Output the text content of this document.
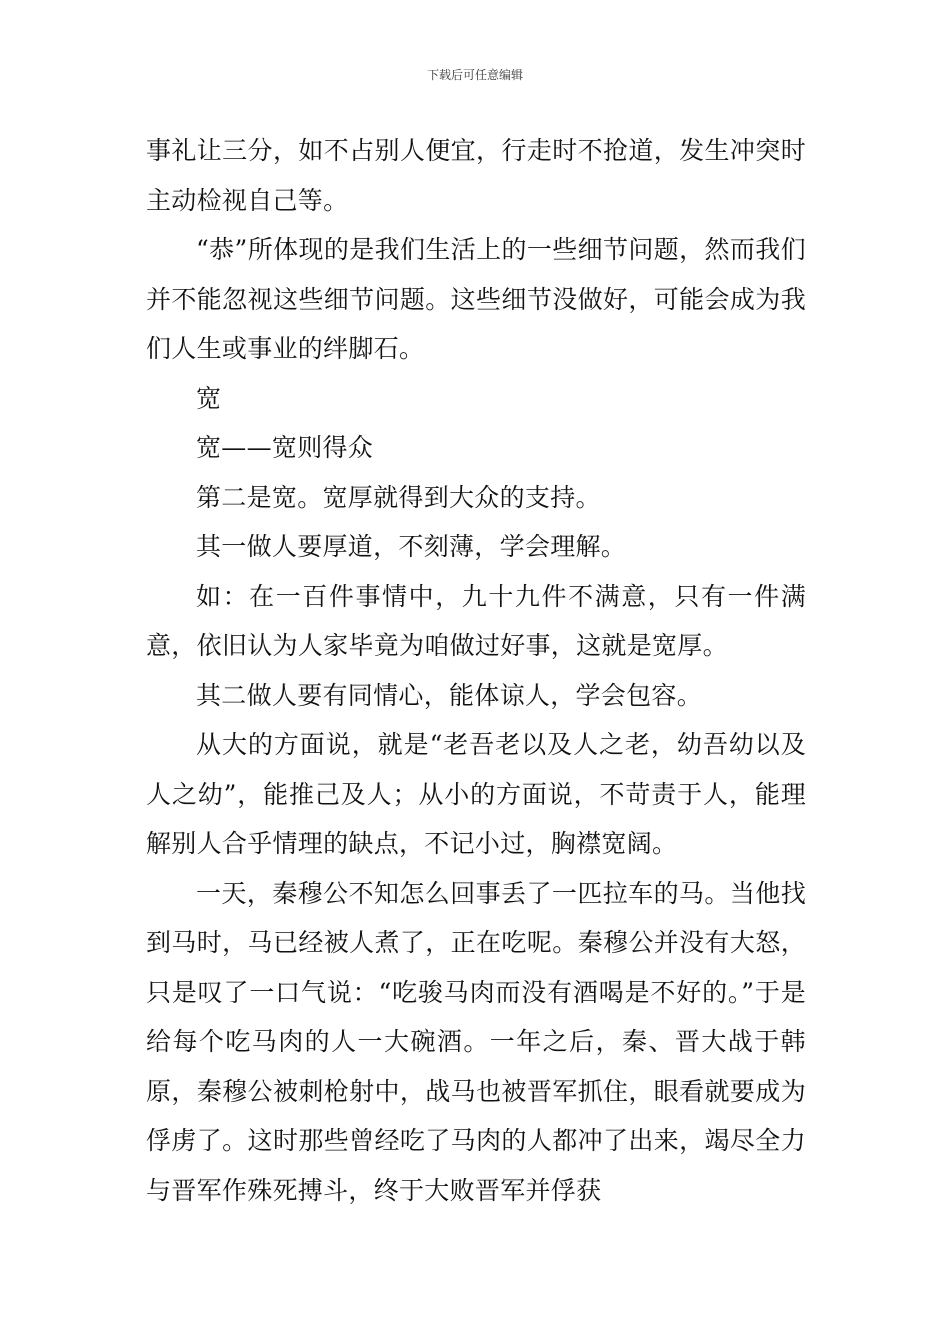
下载后可任意编辑

事礼让三分，如不占别人便宜，行走时不抢道，发生冲突时主动检视自己等。

“恭”所体现的是我们生活上的一些细节问题，然而我们并不能忽视这些细节问题。这些细节没做好，可能会成为我们人生或事业的绊脚石。

宽

宽——宽则得众

第二是宽。宽厚就得到大众的支持。

其一做人要厚道，不刻薄，学会理解。

如：在一百件事情中，九十九件不满意，只有一件满意，依旧认为人家毕竟为咱做过好事，这就是宽厚。

其二做人要有同情心，能体谅人，学会包容。

从大的方面说，就是“老吾老以及人之老，幼吾幼以及人之幼”，能推己及人；从小的方面说，不苛责于人，能理解别人合乎情理的缺点，不记小过，胸襟宽阔。

一天，秦穆公不知怎么回事丢了一匹拉车的马。当他找到马时，马已经被人煮了，正在吃呢。秦穆公并没有大怒，只是叹了一口气说：“吃骏马肉而没有酒喝是不好的。”于是给每个吃马肉的人一大碗酒。一年之后，秦、晋大战于韩原，秦穆公被刺枪射中，战马也被晋军抓住，眼看就要成为俘虏了。这时那些曾经吃了马肉的人都冲了出来，竭尽全力与晋军作殊死搏斗，终于大败晋军并俘获
